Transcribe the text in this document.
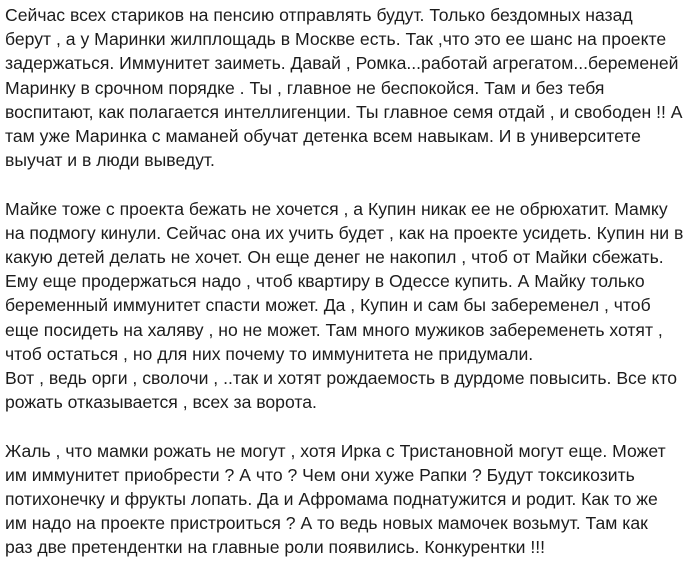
Сейчас всех стариков на пенсию отправлять будут. Только бездомных назад
берут , а у Маринки жилплощадь в Москве есть. Так ,что это ее шанс на проекте
задержаться. Иммунитет заиметь. Давай , Ромка...работай агрегатом...беременей
Маринку в срочном порядке . Ты , главное не беспокойся. Там и без тебя
воспитают, как полагается интеллигенции. Ты главное семя отдай , и свободен !! А
там уже Маринка с маманей обучат детенка всем навыкам. И в университете
выучат и в люди выведут.

Майке тоже с проекта бежать не хочется , а Купин никак ее не обрюхатит. Мамку
на подмогу кинули. Сейчас она их учить будет , как на проекте усидеть. Купин ни в
какую детей делать не хочет. Он еще денег не накопил , чтоб от Майки сбежать.
Ему еще продержаться надо , чтоб квартиру в Одессе купить. А Майку только
беременный иммунитет спасти может. Да , Купин и сам бы забеременел , чтоб
еще посидеть на халяву , но не может. Там много мужиков забеременеть хотят ,
чтоб остаться , но для них почему то иммунитета не придумали.
Вот , ведь орги , сволочи , ..так и хотят рождаемость в дурдоме повысить. Все кто
рожать отказывается , всех за ворота.

Жаль , что мамки рожать не могут , хотя Ирка с Тристановной могут еще. Может
им иммунитет приобрести ? А что ? Чем они хуже Рапки ? Будут токсикозить
потихонечку и фрукты лопать. Да и Афромама поднатужится и родит. Как то же
им надо на проекте пристроиться ? А то ведь новых мамочек возьмут. Там как
раз две претендентки на главные роли появились. Конкурентки !!!
